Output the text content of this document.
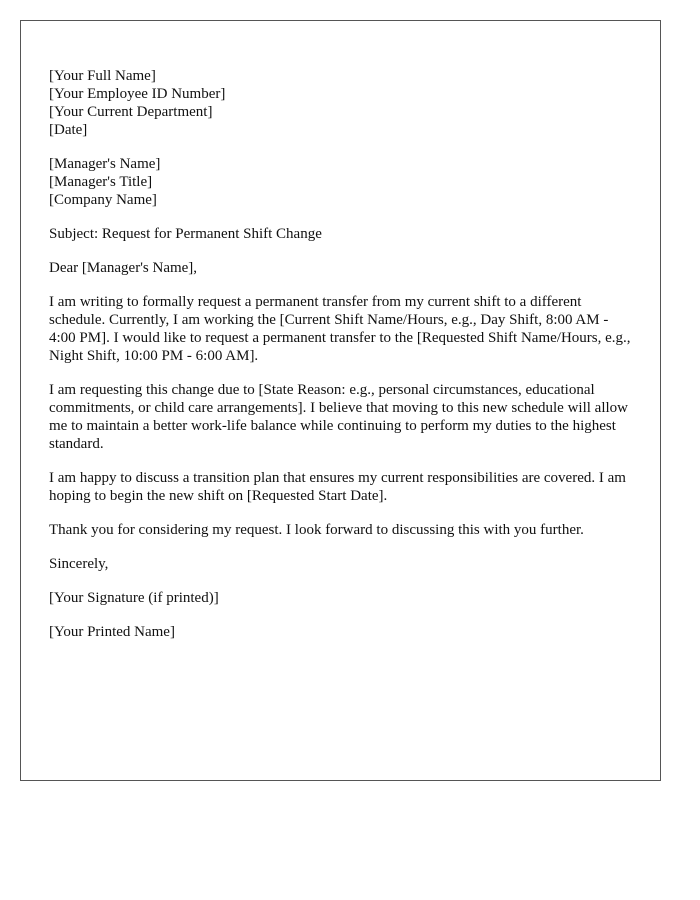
[Your Full Name]
[Your Employee ID Number]
[Your Current Department]
[Date]

[Manager's Name]
[Manager's Title]
[Company Name]

Subject: Request for Permanent Shift Change

Dear [Manager's Name],

I am writing to formally request a permanent transfer from my current shift to a different schedule. Currently, I am working the [Current Shift Name/Hours, e.g., Day Shift, 8:00 AM - 4:00 PM]. I would like to request a permanent transfer to the [Requested Shift Name/Hours, e.g., Night Shift, 10:00 PM - 6:00 AM].

I am requesting this change due to [State Reason: e.g., personal circumstances, educational commitments, or child care arrangements]. I believe that moving to this new schedule will allow me to maintain a better work-life balance while continuing to perform my duties to the highest standard.

I am happy to discuss a transition plan that ensures my current responsibilities are covered. I am hoping to begin the new shift on [Requested Start Date].

Thank you for considering my request. I look forward to discussing this with you further.

Sincerely,

[Your Signature (if printed)]

[Your Printed Name]
